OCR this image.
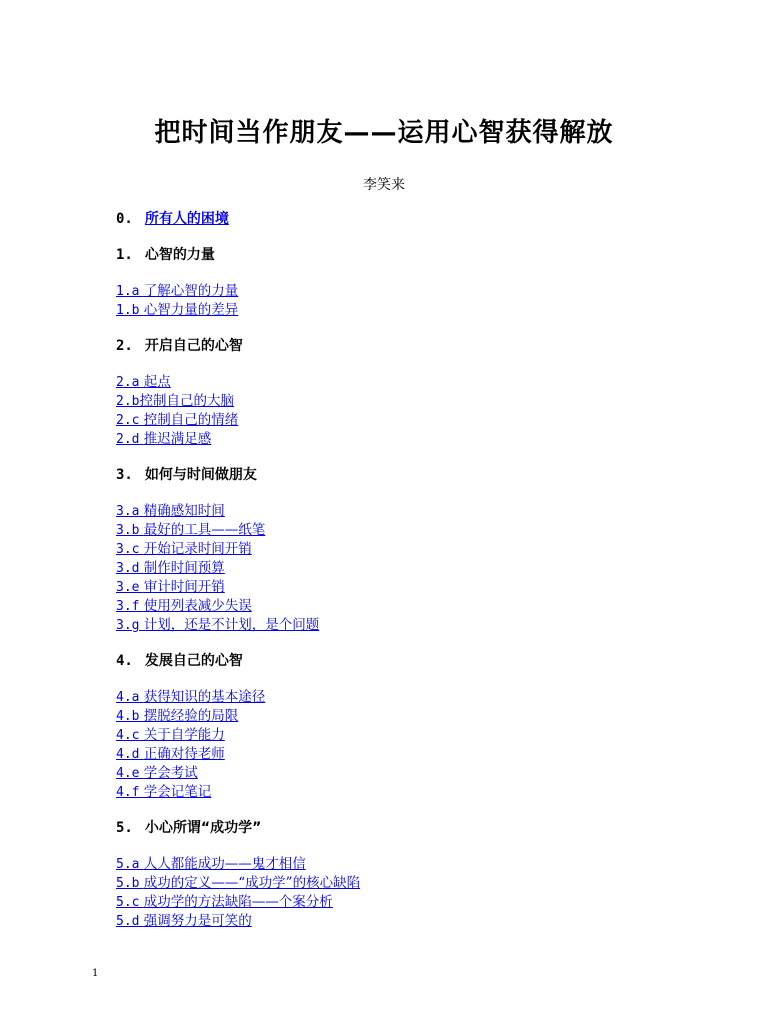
把时间当作朋友——运用心智获得解放
李笑来
0. 所有人的困境
1. 心智的力量
1.a 了解心智的力量
1.b 心智力量的差异
2. 开启自己的心智
2.a 起点
2.b控制自己的大脑
2.c 控制自己的情绪
2.d 推迟满足感
3. 如何与时间做朋友
3.a 精确感知时间
3.b 最好的工具——纸笔
3.c 开始记录时间开销
3.d 制作时间预算
3.e 审计时间开销
3.f 使用列表减少失误
3.g 计划，还是不计划，是个问题
4. 发展自己的心智
4.a 获得知识的基本途径
4.b 摆脱经验的局限
4.c 关于自学能力
4.d 正确对待老师
4.e 学会考试
4.f 学会记笔记
5. 小心所谓“成功学”
5.a 人人都能成功——鬼才相信
5.b 成功的定义——“成功学”的核心缺陷
5.c 成功学的方法缺陷——个案分析
5.d 强调努力是可笑的
1
